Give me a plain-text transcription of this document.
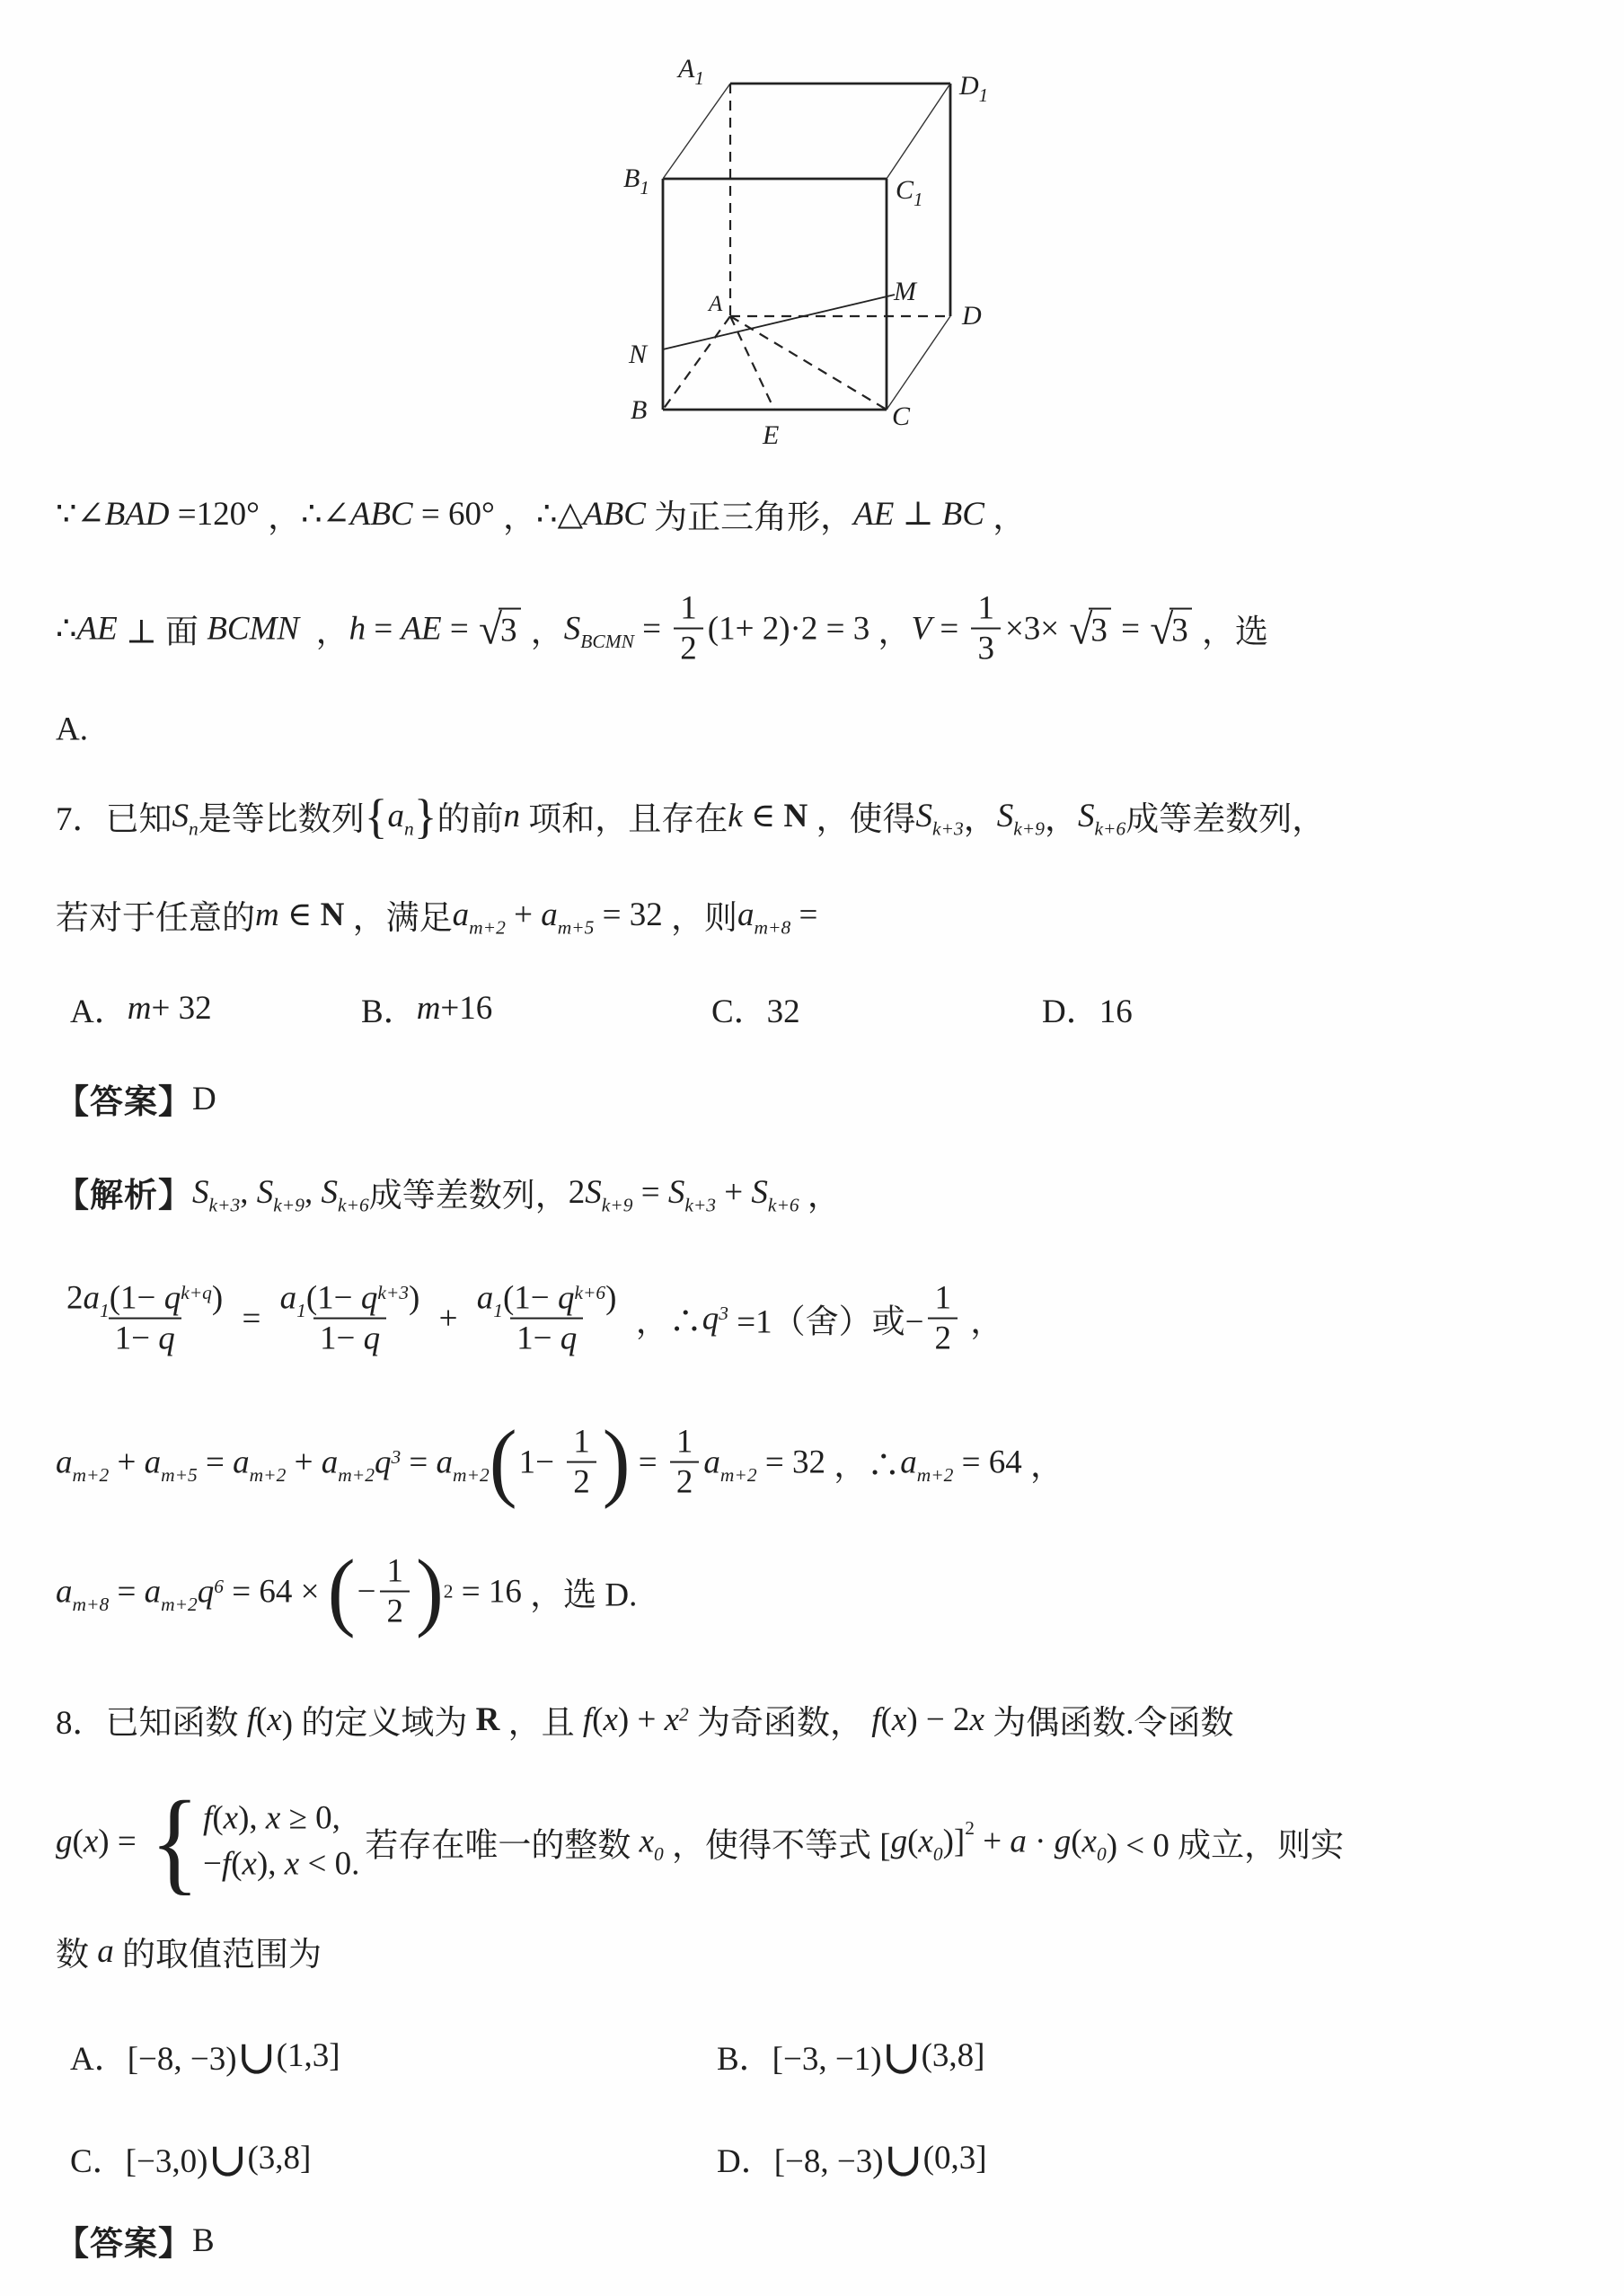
$A_1$	$D_1$
$B_1$	$C_1$
A	M
D
N
B	C
E
∵ ∠ BAD =120° ， ∴∠ ABC = 60° ， ∴△ ABC 为正三角形， AE ⊥ BC ，
∴ AE ⊥ 面 BCMN ， h = AE = √
3 ， $S_{BCMN} = \frac{1}{2} (1+ 2)\cdot 2 = 3$ ， $V = \frac{1}{3} \times 3\times$ √
3 = √
3 ，选
A.
7．已知 $S_n$ 是等比数列 { $a_n$ } 的前 n 项和，且存在 k ∈ N ，使得 $S_{k+3}$ ， $S_{k+9}$ ， $S_{k+6}$ 成等差数列，
若对于任意的 m ∈ N ，满足 $a_{m+2} + a_{m+5} = 32$ ，则 $a_{m+8}$ =
A． m + 32	B． m +16	C．32	D．16
【答案】 D
【解析】 $S_{k+3}$ , $S_{k+9}$ , $S_{k+6}$ 成等差数列， 2 $S_{k+9} = S_{k+3} + S_{k+6}$ ，
$\frac{2 a_1 (1- q^{k+q} )}{1- q} = \frac{a_1 (1- q^{k+3} )}{1- q} + \frac{a_1 (1- q^{k+6} )}{1- q}$ ，∴ $q^3 =1$（舍）或− $\frac{1}{2}$ ，
$a_{m+2} + a_{m+5} = a_{m+2} + a_{m+2}$ $q^3 = a_{m+2}$ ( $1- \frac{1}{2}$ ) = $\frac{1}{2} a_{m+2} = 32$ ，∴ $a_{m+2} = 64$ ，
$a_{m+8} = a_{m+2}$ $q^6 = 64$ × ( − $\frac{1}{2}$ ) 2 = 16 ，选 D.
8．已知函数 f ( x ) 的定义域为 R ，且 f ( x ) + $x^2$ 为奇函数， f ( x ) − 2 x 为偶函数.令函数
g ( x ) = { f ( x ), x ≥ 0,
− f ( x ), x < 0. 若存在唯一的整数 $x_0$ ，使得不等式 [ g ( $x_0$ )] $^2$ + a · g ( $x_0$ ) < 0 成立，则实
数 a 的取值范围为
A．[−8, −3) ∪ (1,3]	B．[−3, −1) ∪ (3,8]
C．[−3,0) ∪ (3,8]	D．[−8, −3) ∪ (0,3]
【答案】 B
